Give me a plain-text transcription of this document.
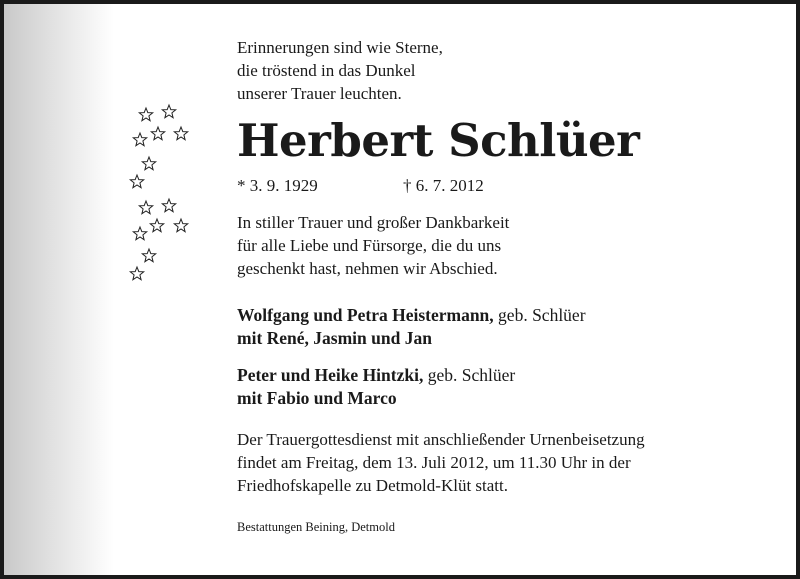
Erinnerungen sind wie Sterne,
die tröstend in das Dunkel
unserer Trauer leuchten.
Herbert Schlüer
* 3. 9. 1929	† 6. 7. 2012
In stiller Trauer und großer Dankbarkeit
für alle Liebe und Fürsorge, die du uns
geschenkt hast, nehmen wir Abschied.
Wolfgang und Petra Heistermann, geb. Schlüer
mit René, Jasmin und Jan
Peter und Heike Hintzki, geb. Schlüer
mit Fabio und Marco
Der Trauergottesdienst mit anschließender Urnenbeisetzung
findet am Freitag, dem 13. Juli 2012, um 11.30 Uhr in der
Friedhofskapelle zu Detmold-Klüt statt.
Bestattungen Beining, Detmold
